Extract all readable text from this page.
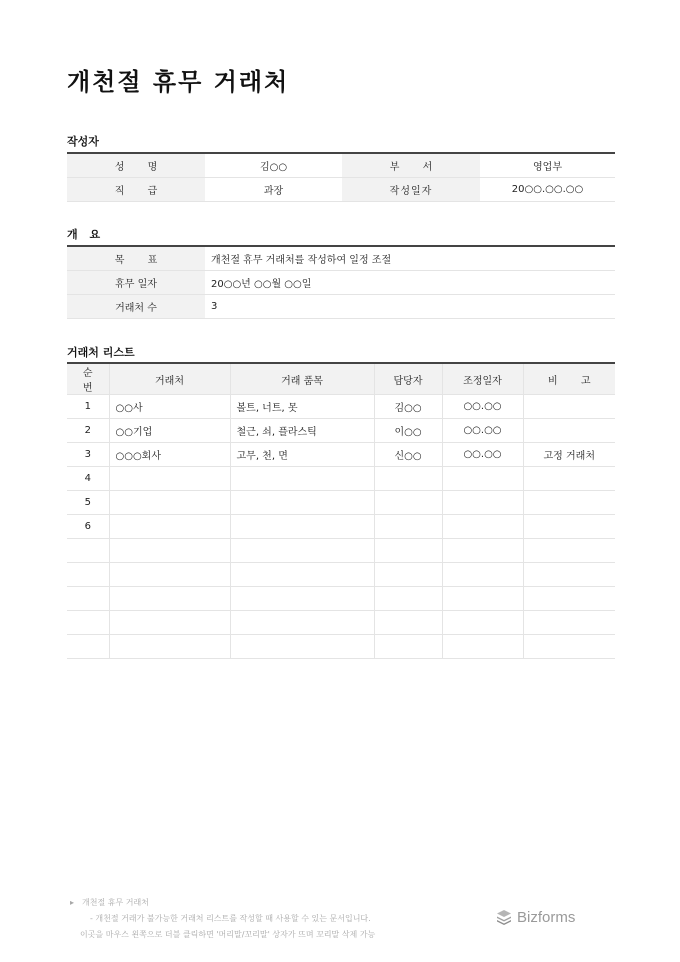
개천절 휴무 거래처
작성자
성 명	김○○	부 서	영업부
직 급	과장	작성일자	20○○.○○.○○
개 요
목 표	개천절 휴무 거래처를 작성하여 일정 조절
휴무 일자	20○○년 ○○월 ○○일
거래처 수	3
거래처 리스트
순 번	거래처	거래 품목	담당자	조정일자	비 고
1	○○사	볼트, 너트, 못	김○○	○○.○○	
2	○○기업	철근, 쇠, 플라스틱	이○○	○○.○○	
3	○○○회사	고무, 천, 면	신○○	○○.○○	고정 거래처
4					
5					
6					

▸ 개천절 휴무 거래처
- 개천절 거래가 불가능한 거래처 리스트를 작성할 때 사용할 수 있는 문서입니다.
이곳을 마우스 왼쪽으로 더블 클릭하면 '머리말/꼬리말' 상자가 뜨며 꼬리말 삭제 가능
Bizforms
